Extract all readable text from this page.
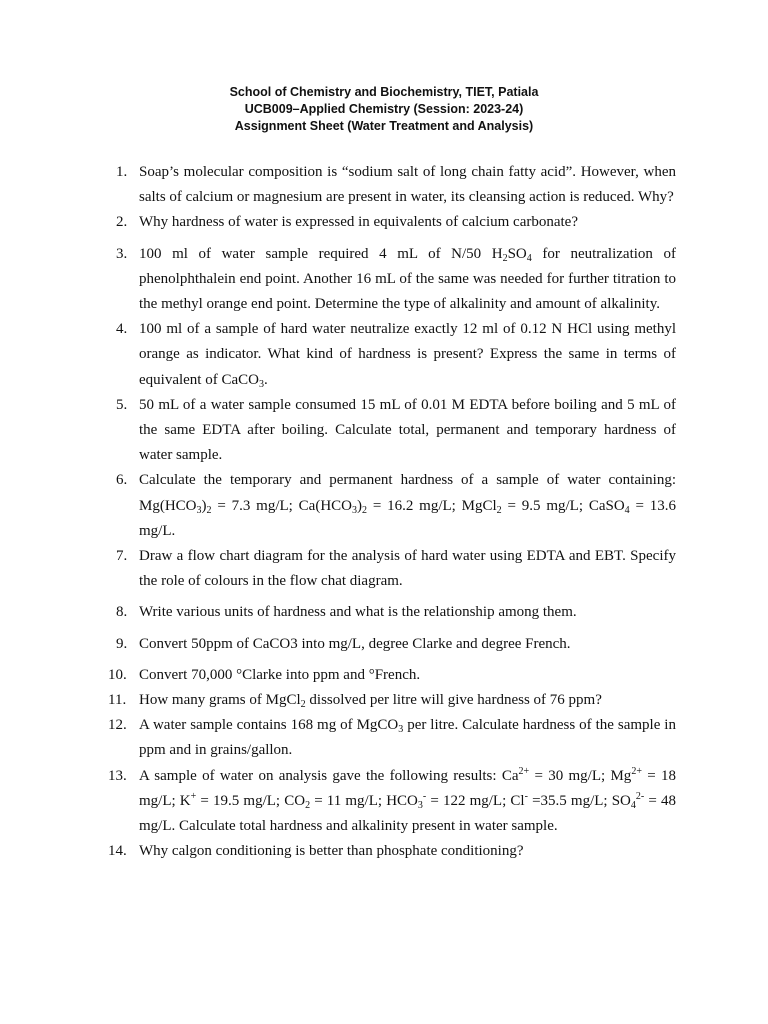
School of Chemistry and Biochemistry, TIET, Patiala
UCB009–Applied Chemistry (Session: 2023-24)
Assignment Sheet (Water Treatment and Analysis)
1. Soap’s molecular composition is “sodium salt of long chain fatty acid”. However, when salts of calcium or magnesium are present in water, its cleansing action is reduced. Why?
2. Why hardness of water is expressed in equivalents of calcium carbonate?
3. 100 ml of water sample required 4 mL of N/50 $H_2SO_4$ for neutralization of phenolphthalein end point. Another 16 mL of the same was needed for further titration to the methyl orange end point. Determine the type of alkalinity and amount of alkalinity.
4. 100 ml of a sample of hard water neutralize exactly 12 ml of 0.12 N HCl using methyl orange as indicator. What kind of hardness is present? Express the same in terms of equivalent of CaCO$_3$.
5. 50 mL of a water sample consumed 15 mL of 0.01 M EDTA before boiling and 5 mL of the same EDTA after boiling. Calculate total, permanent and temporary hardness of water sample.
6. Calculate the temporary and permanent hardness of a sample of water containing: $Mg(HCO_3)_2 = 7.3$ mg/L; $Ca(HCO_3)_2 = 16.2$ mg/L; MgCl$_2$ = 9.5 mg/L; CaSO$_4$ = 13.6 mg/L.
7. Draw a flow chart diagram for the analysis of hard water using EDTA and EBT. Specify the role of colours in the flow chat diagram.
8. Write various units of hardness and what is the relationship among them.
9. Convert 50ppm of CaCO3 into mg/L, degree Clarke and degree French.
10. Convert 70,000 °Clarke into ppm and °French.
11. How many grams of MgCl$_2$ dissolved per litre will give hardness of 76 ppm?
12. A water sample contains 168 mg of MgCO$_3$ per litre. Calculate hardness of the sample in ppm and in grains/gallon.
13. A sample of water on analysis gave the following results: $Ca^{2+} = 30$ mg/L; $Mg^{2+} = 18$ mg/L; K+ = 19.5 mg/L; $CO_2 = 11$ mg/L; $HCO_3^- = 122$ mg/L; Cl- =35.5 mg/L; $SO_4^{2-} = 48$ mg/L. Calculate total hardness and alkalinity present in water sample.
14. Why calgon conditioning is better than phosphate conditioning?
